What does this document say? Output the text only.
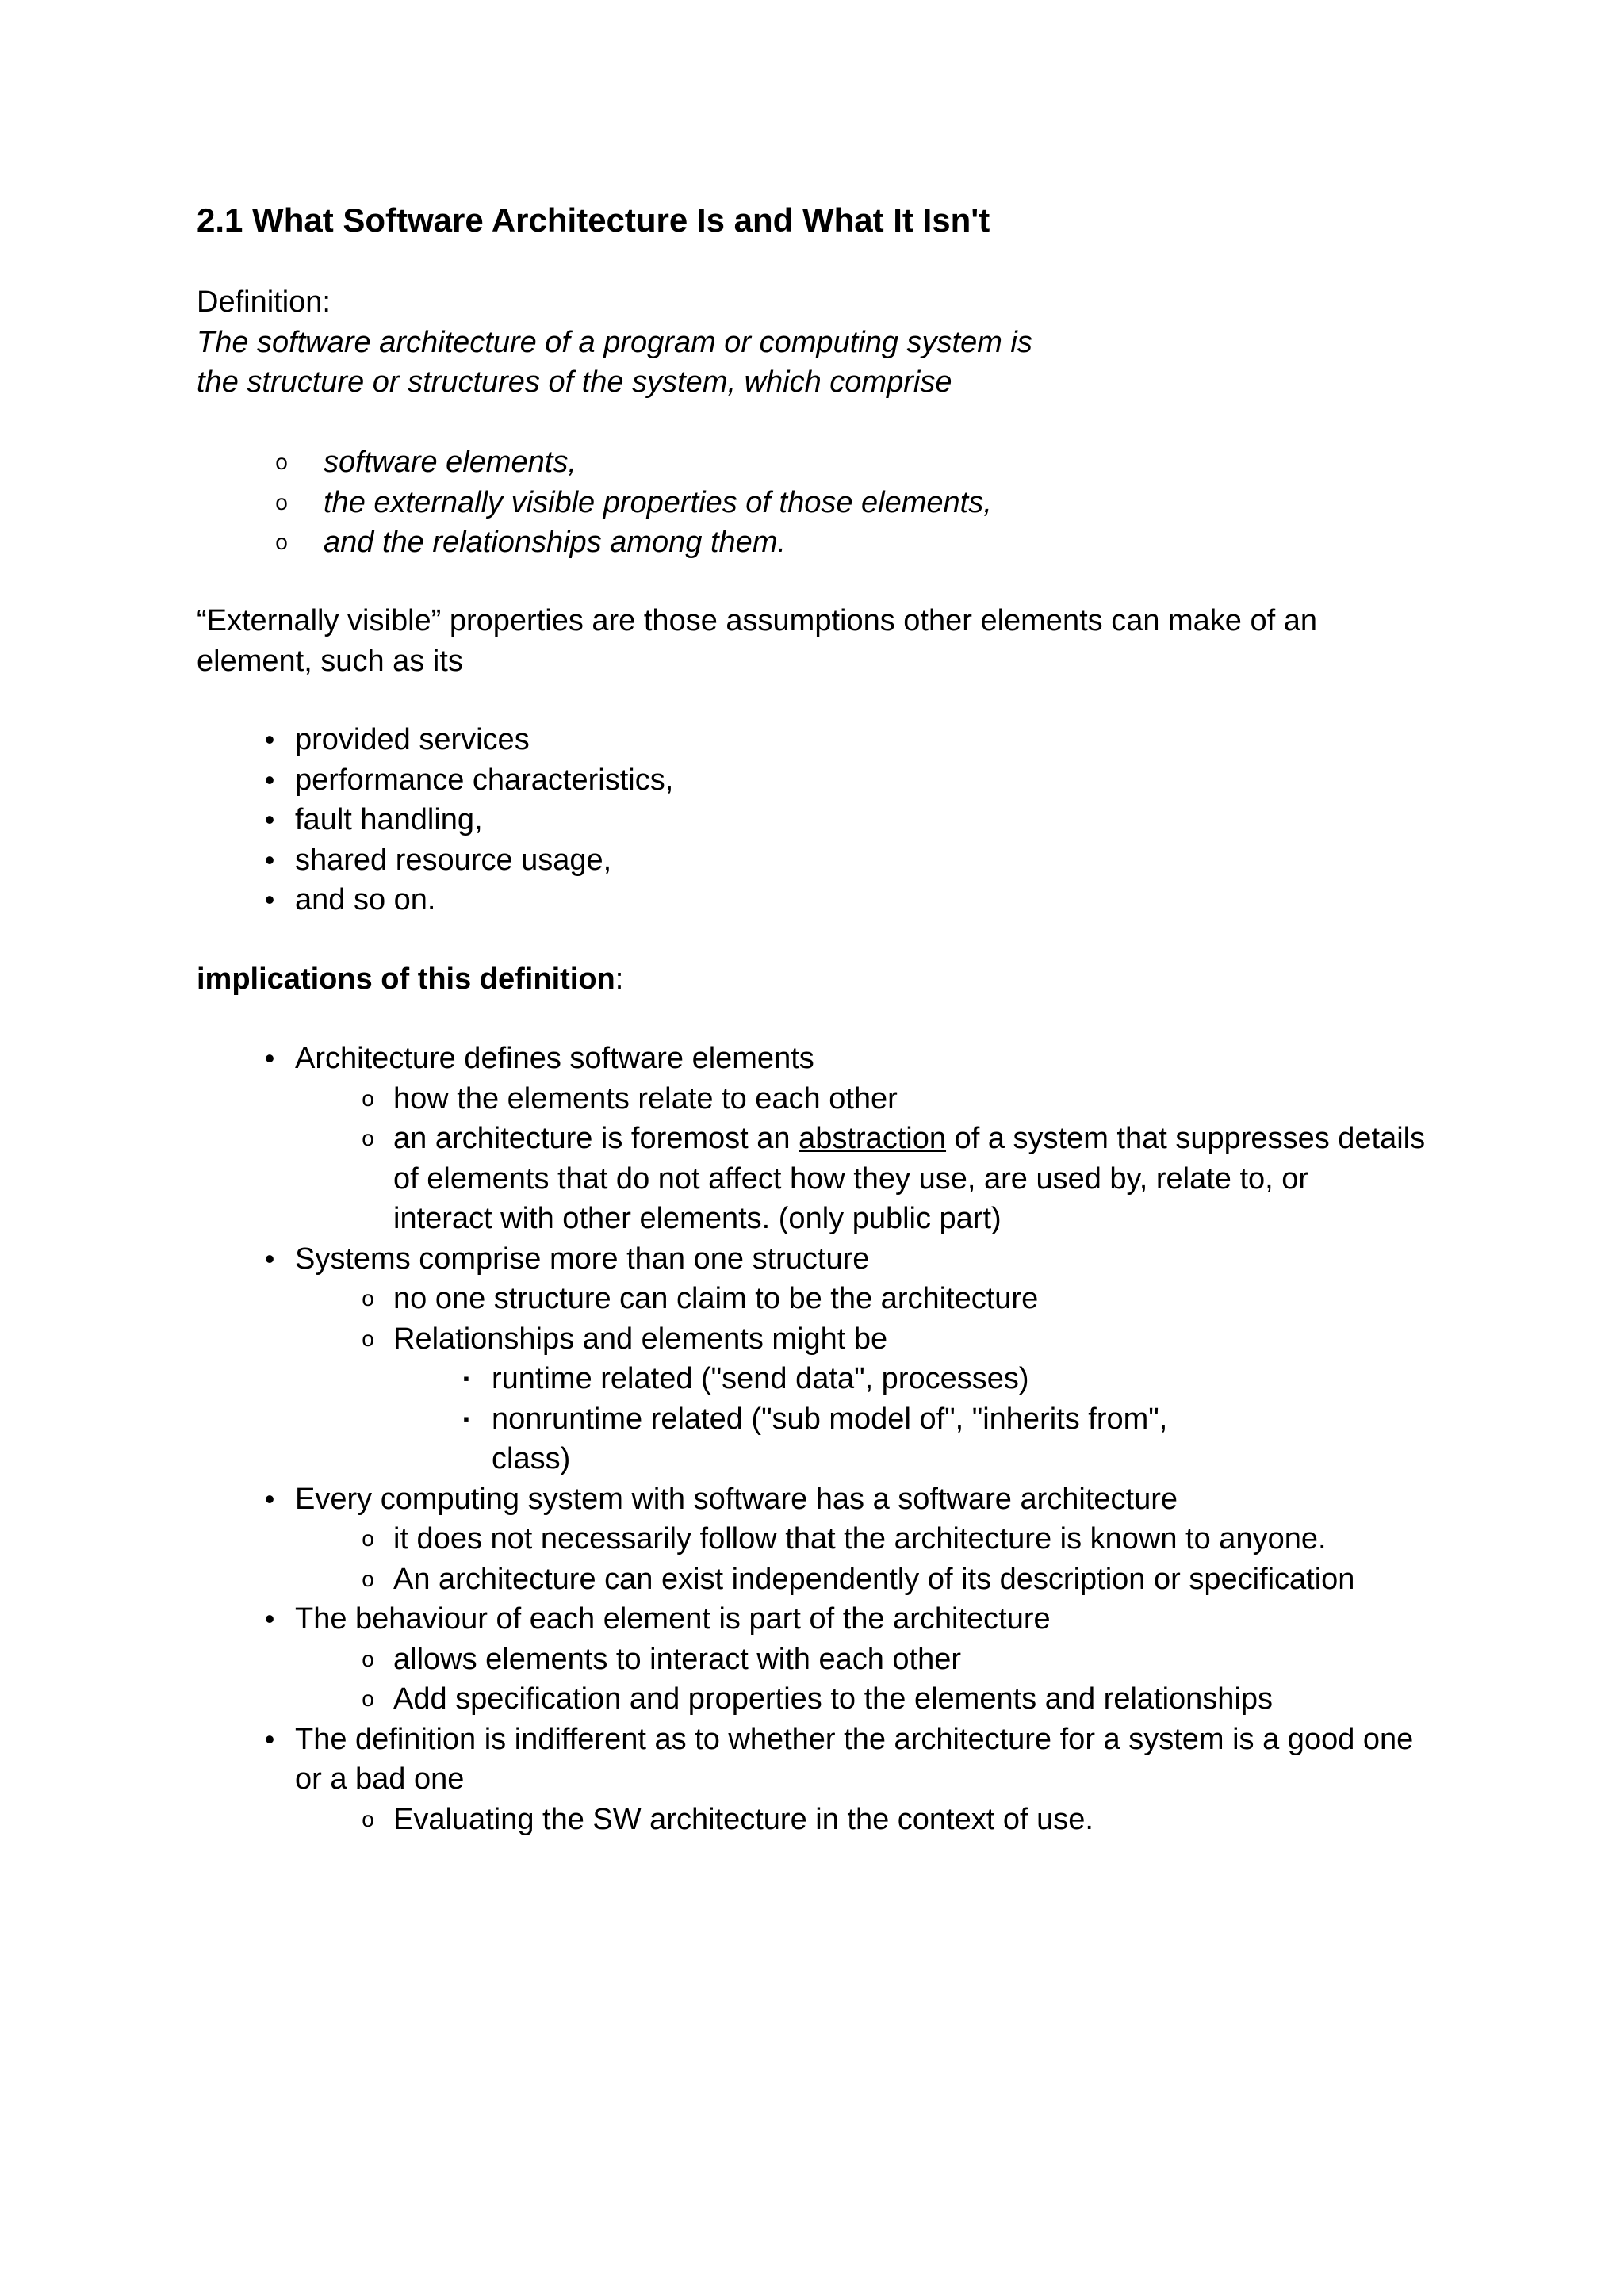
2.1 What Software Architecture Is and What It Isn't
Definition:
The software architecture of a program or computing system is
the structure or structures of the system, which comprise
o	software elements,
o	the externally visible properties of those elements,
o	and the relationships among them.
“Externally visible” properties are those assumptions other elements can make of an
element, such as its
• provided services
• performance characteristics,
• fault handling,
• shared resource usage,
• and so on.
implications of this definition:
• Architecture defines software elements
o how the elements relate to each other
o an architecture is foremost an abstraction of a system that suppresses details
of elements that do not affect how they use, are used by, relate to, or
interact with other elements. (only public part)
• Systems comprise more than one structure
o no one structure can claim to be the architecture
o Relationships and elements might be
▪ runtime related ("send data", processes)
▪ nonruntime related ("sub model of", "inherits from", class)
• Every computing system with software has a software architecture
o it does not necessarily follow that the architecture is known to anyone.
o An architecture can exist independently of its description or specification
• The behaviour of each element is part of the architecture
o allows elements to interact with each other
o Add specification and properties to the elements and relationships
• The definition is indifferent as to whether the architecture for a system is a good one
or a bad one
o Evaluating the SW architecture in the context of use.
